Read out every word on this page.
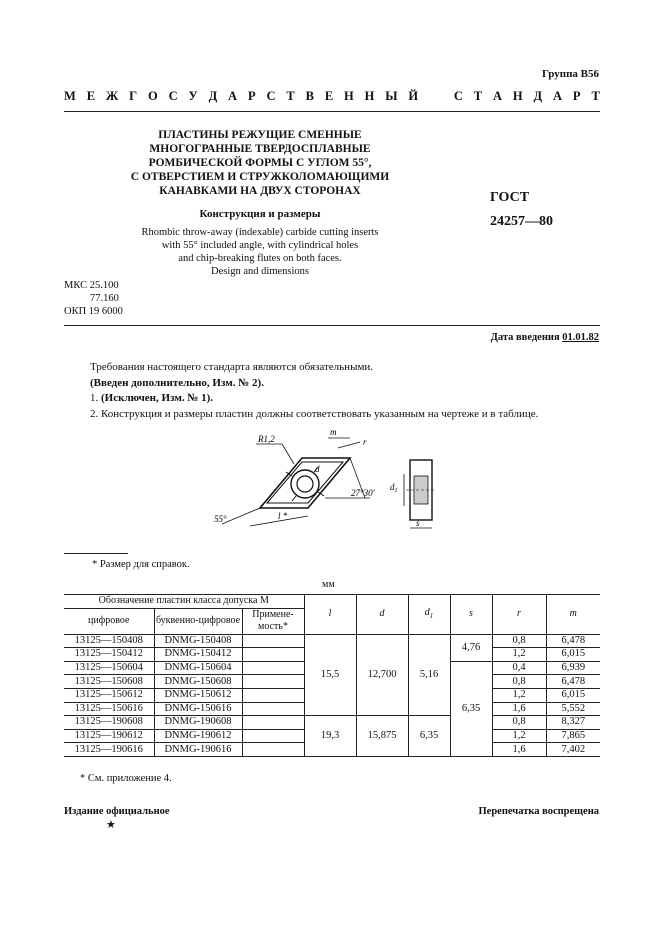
Группа В56
М Е Ж Г О С У Д А Р С Т В Е Н Н Ы Й	С Т А Н Д А Р Т
ПЛАСТИНЫ РЕЖУЩИЕ СМЕННЫЕ
МНОГОГРАННЫЕ ТВЕРДОСПЛАВНЫЕ
РОМБИЧЕСКОЙ ФОРМЫ С УГЛОМ 55°,
С ОТВЕРСТИЕМ И СТРУЖКОЛОМАЮЩИМИ
КАНАВКАМИ НА ДВУХ СТОРОНАХ
Конструкция и размеры
Rhombic throw-away (indexable) carbide cutting inserts
with 55° included angle, with cylindrical holes
and chip-breaking flutes on both faces.
Design and dimensions
ГОСТ
24257—80
МКС 25.100
77.160
ОКП 19 6000
Дата введения 01.01.82
Требования настоящего стандарта являются обязательными.
(Введен дополнительно, Изм. № 2).
1. (Исключен, Изм. № 1).
2. Конструкция и размеры пластин должны соответствовать указанным на чертеже и в таблице.
R1,2
m
r
d
27°30'
55°	l *
$d_1$
s
* Размер для справок.
мм
Обозначение пластин класса допуска М			l	d	$d_1$	s	r	m
цифровое	буквенно-цифровое	Примене-
мость*						

13125—150408	DNMG-150408		15,5	12,700	5,16	4,76	0,8	6,478
13125—150412	DNMG-150412						1,2	6,015
13125—150604	DNMG-150604					6,35	0,4	6,939
13125—150608	DNMG-150608						0,8	6,478
13125—150612	DNMG-150612						1,2	6,015
13125—150616	DNMG-150616						1,6	5,552
13125—190608	DNMG-190608		19,3	15,875	6,35		0,8	8,327
13125—190612	DNMG-190612						1,2	7,865
13125—190616	DNMG-190616						1,6	7,402
* См. приложение 4.
Издание официальное
★
Перепечатка воспрещена
